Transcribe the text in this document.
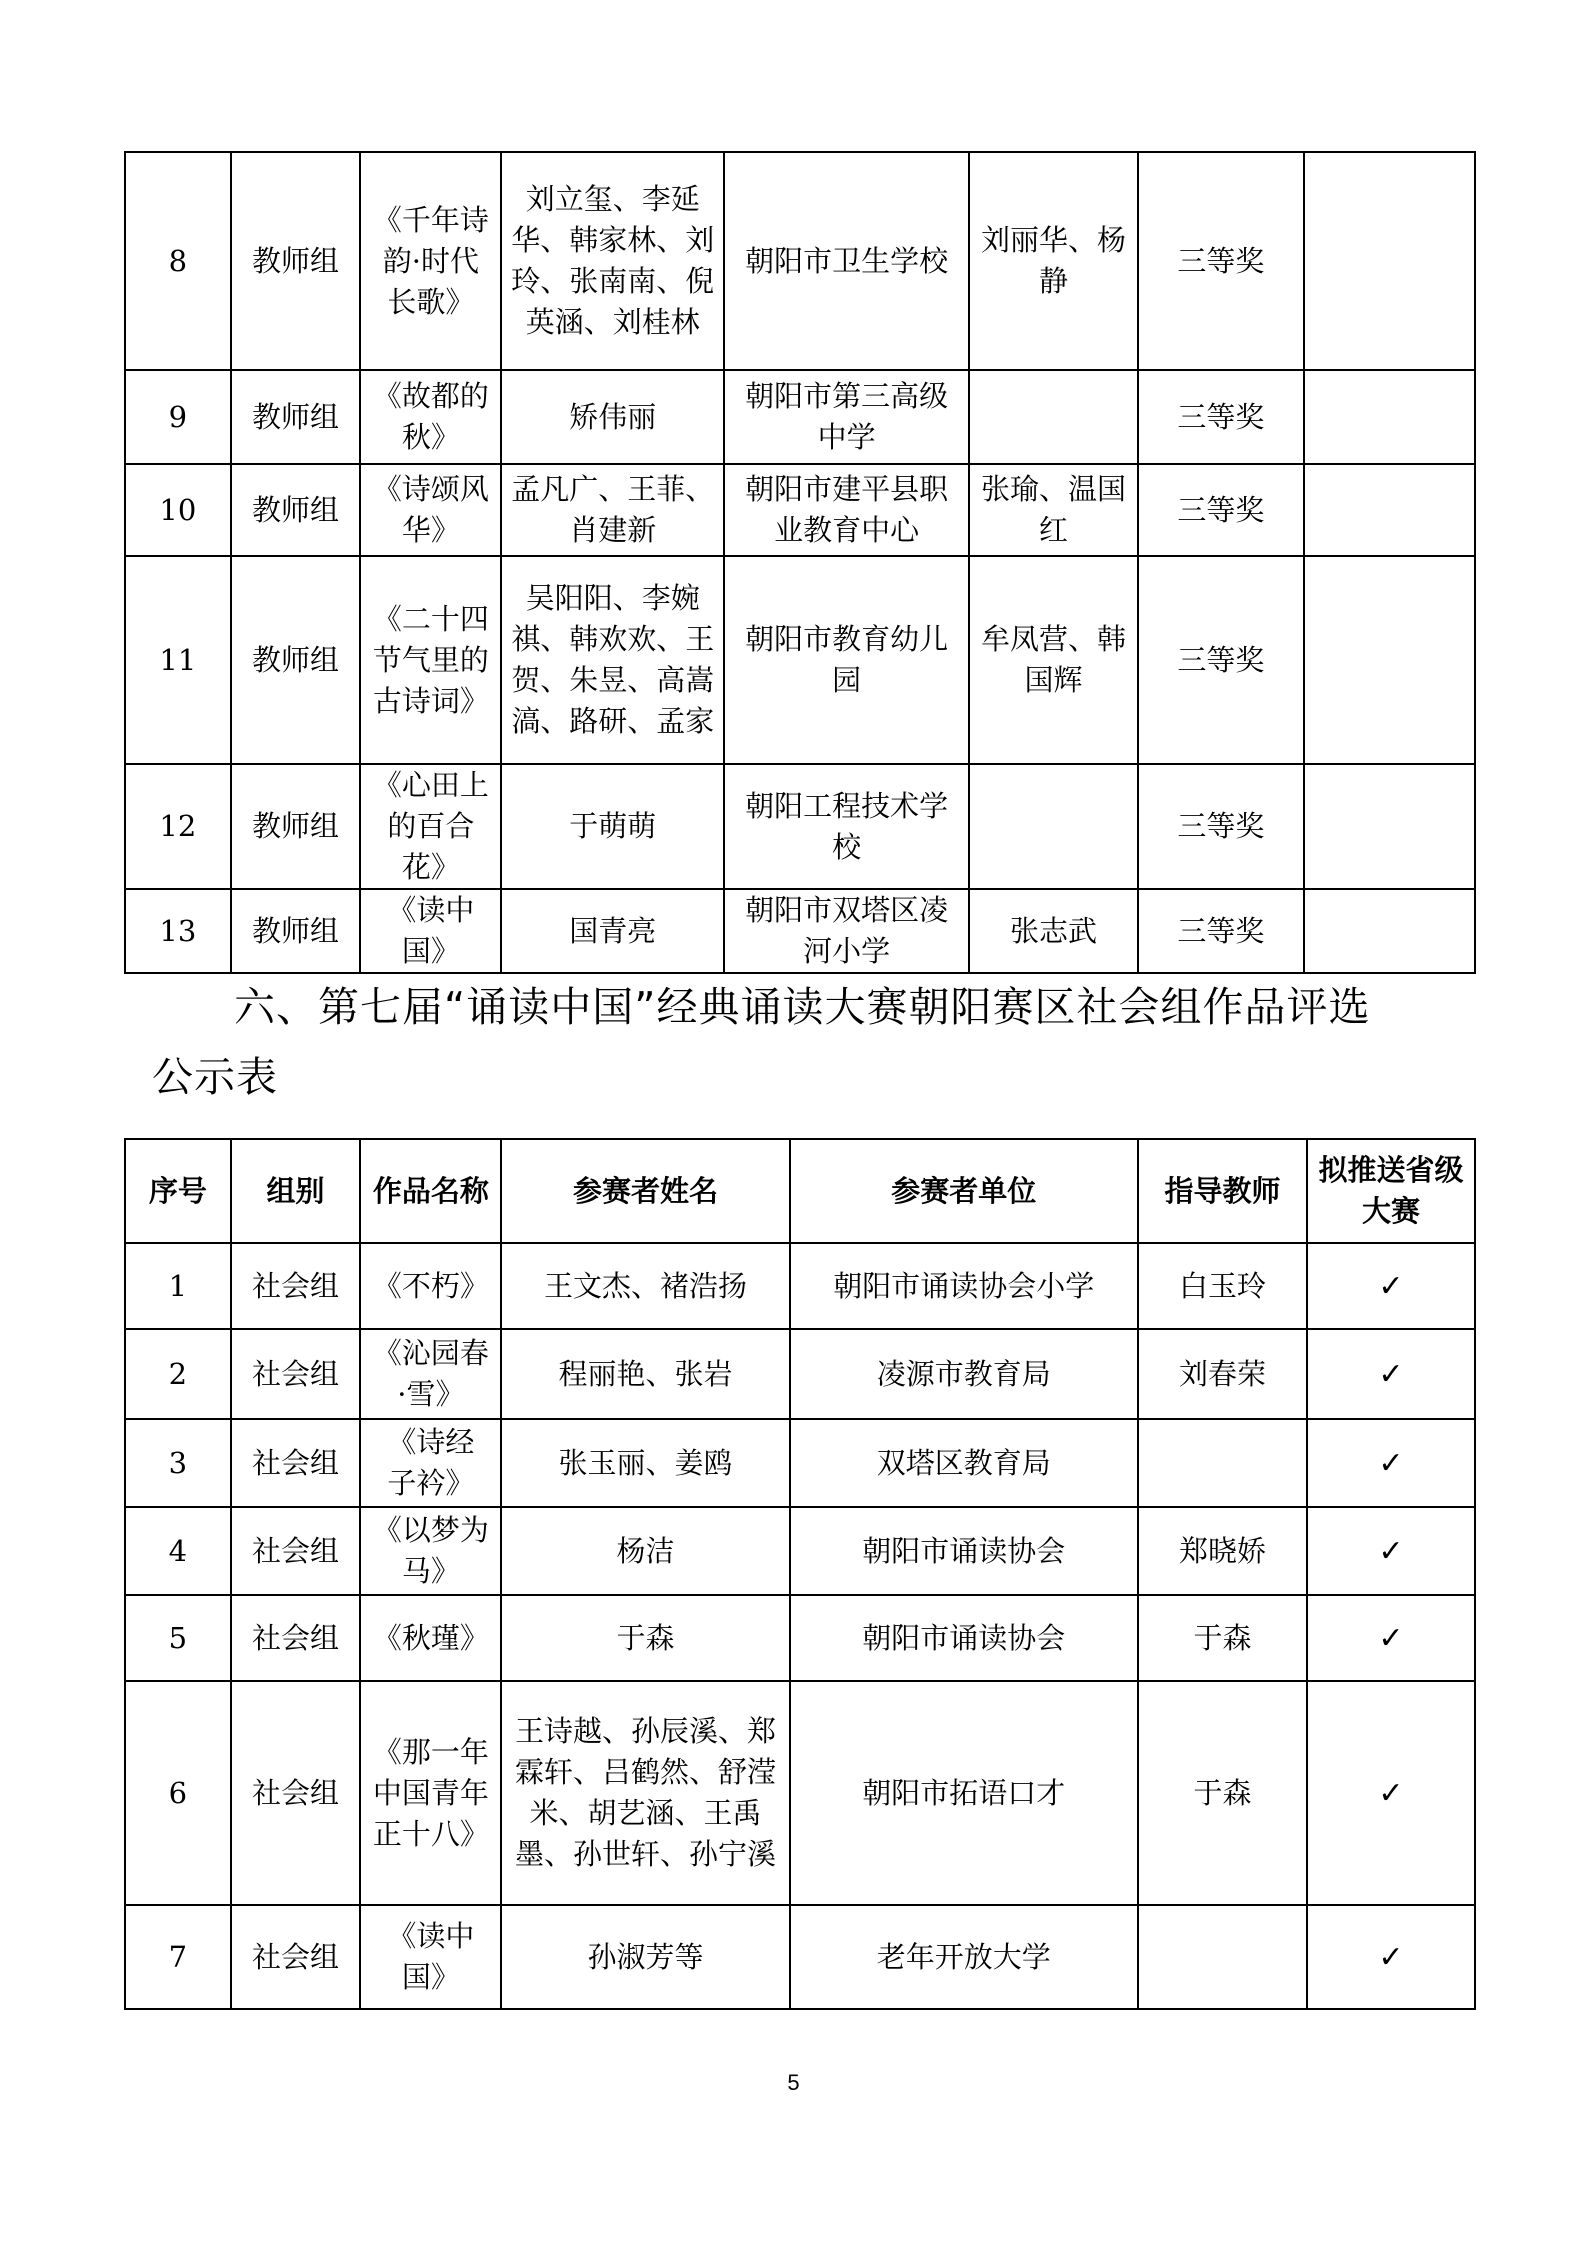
8	教师组	《千年诗韵·时代长歌》	刘立玺、李延华、韩家林、刘玲、张南南、倪英涵、刘桂林	朝阳市卫生学校	刘丽华、杨静	三等奖	
9	教师组	《故都的秋》	矫伟丽	朝阳市第三高级中学		三等奖	
10	教师组	《诗颂风华》	孟凡广、王菲、肖建新	朝阳市建平县职业教育中心	张瑜、温国红	三等奖	
11	教师组	《二十四节气里的古诗词》	吴阳阳、李婉祺、韩欢欢、王贺、朱昱、高嵩滈、路研、孟家	朝阳市教育幼儿园	牟凤营、韩国辉	三等奖	
12	教师组	《心田上的百合花》	于萌萌	朝阳工程技术学校		三等奖	
13	教师组	《读中国》	国青亮	朝阳市双塔区凌河小学	张志武	三等奖	
六、第七届“诵读中国”经典诵读大赛朝阳赛区社会组作品评选
公示表
序号	组别	作品名称	参赛者姓名	参赛者单位	指导教师	拟推送省级大赛
1	社会组	《不朽》	王文杰、褚浩扬	朝阳市诵读协会小学	白玉玲	✓
2	社会组	《沁园春·雪》	程丽艳、张岩	凌源市教育局	刘春荣	✓
3	社会组	《诗经 子衿》	张玉丽、姜鸥	双塔区教育局		✓
4	社会组	《以梦为马》	杨洁	朝阳市诵读协会	郑晓娇	✓
5	社会组	《秋瑾》	于森	朝阳市诵读协会	于森	✓
6	社会组	《那一年中国青年正十八》	王诗越、孙辰溪、郑霖轩、吕鹤然、舒滢米、胡艺涵、王禹墨、孙世轩、孙宁溪	朝阳市拓语口才	于森	✓
7	社会组	《读中国》	孙淑芳等	老年开放大学		✓
5
